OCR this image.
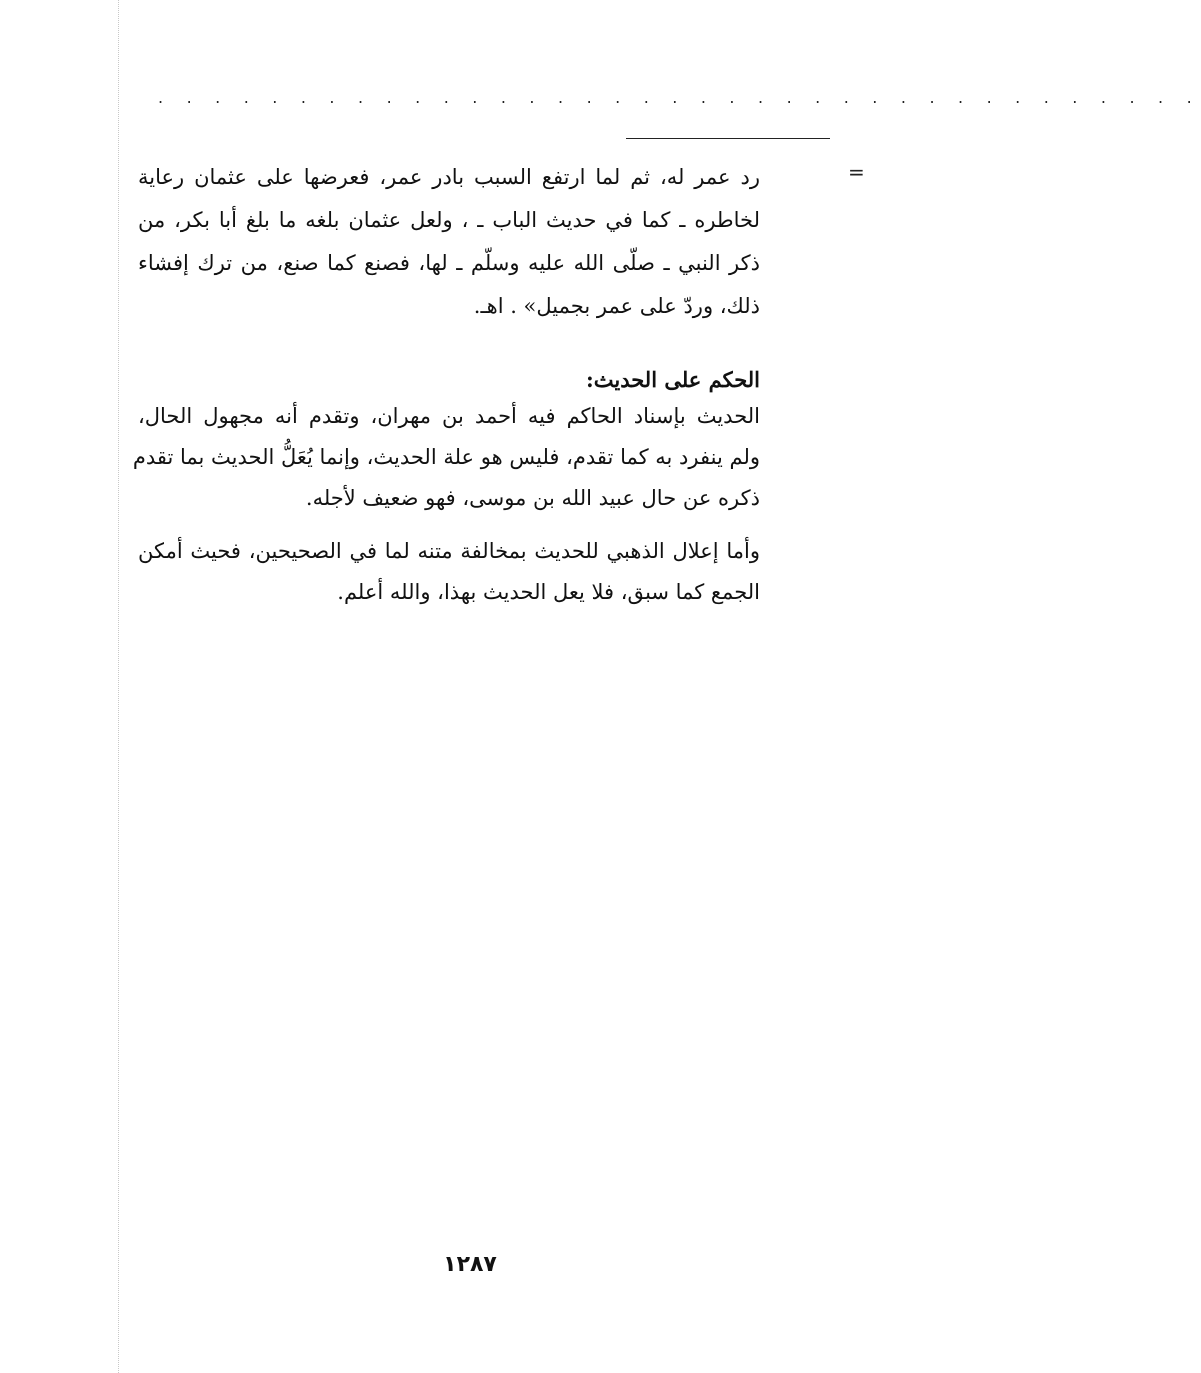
. . . . . . . . . . . . . . . . . . . . . . . . . . . . . . . . . . . . .
=
رد عمر له، ثم لما ارتفع السبب بادر عمر، فعرضها على عثمان رعاية
لخاطره ـ كما في حديث الباب ـ ، ولعل عثمان بلغه ما بلغ أبا بكر، من
ذكر النبي ـ صلّى الله عليه وسلّم ـ لها، فصنع كما صنع، من ترك إفشاء
ذلك، وردّ على عمر بجميل» . اهـ.
الحكم على الحديث:
الحديث بإسناد الحاكم فيه أحمد بن مهران، وتقدم أنه مجهول الحال،
ولم ينفرد به كما تقدم، فليس هو علة الحديث، وإنما يُعَلُّ الحديث بما تقدم
ذكره عن حال عبيد الله بن موسى، فهو ضعيف لأجله.
وأما إعلال الذهبي للحديث بمخالفة متنه لما في الصحيحين، فحيث أمكن
الجمع كما سبق، فلا يعل الحديث بهذا، والله أعلم.
١٢٨٧
